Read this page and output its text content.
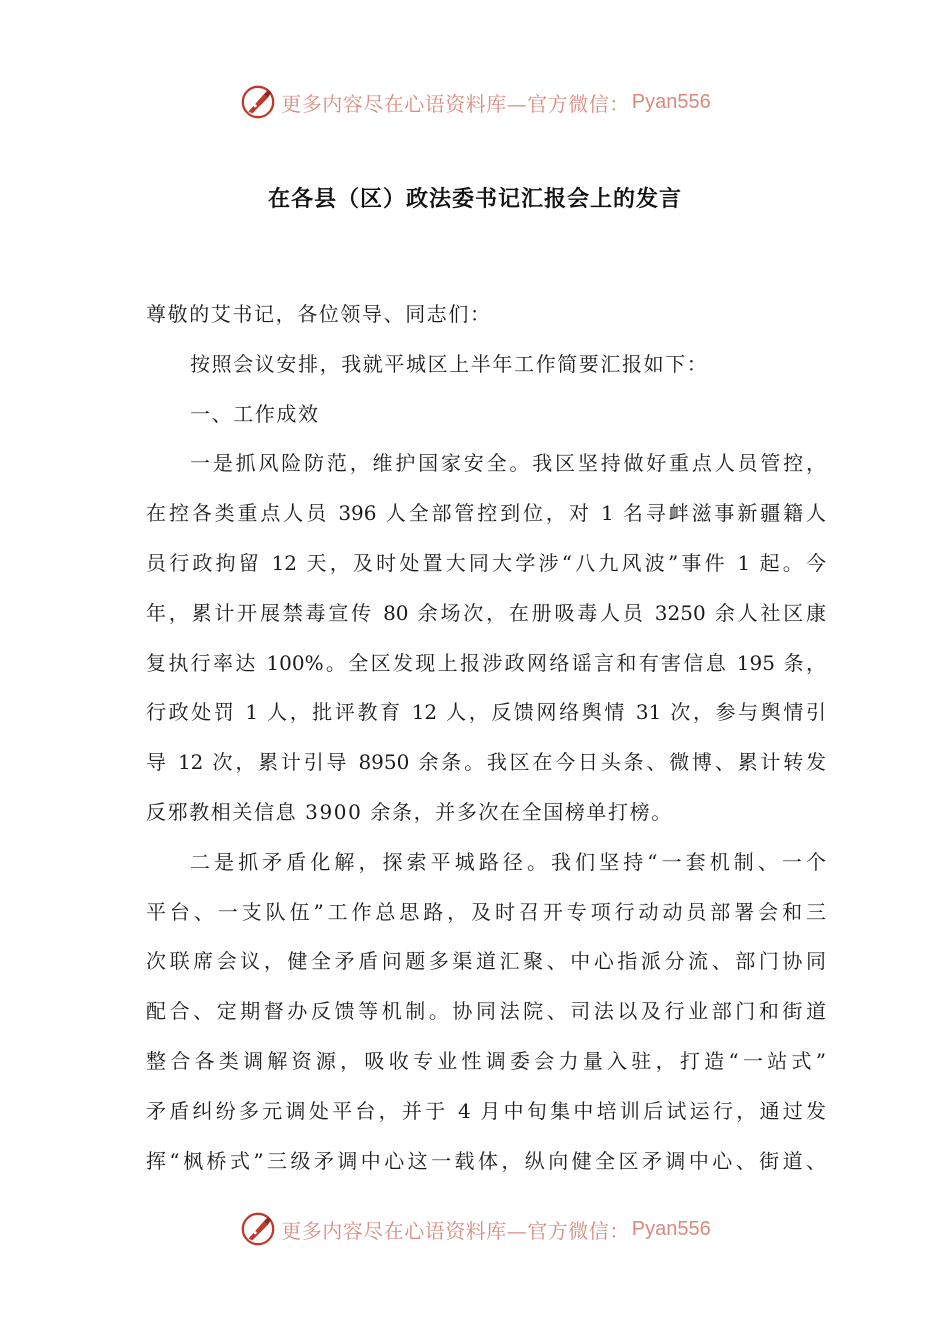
更多内容尽在心语资料库—官方微信： Pyan556
在各县（区）政法委书记汇报会上的发言
尊敬的艾书记，各位领导、同志们：
按照会议安排，我就平城区上半年工作简要汇报如下：
一、工作成效
一是抓风险防范，维护国家安全。我区坚持做好重点人员管控，
在控各类重点人员 396 人全部管控到位，对 1 名寻衅滋事新疆籍人
员行政拘留 12 天，及时处置大同大学涉“八九风波”事件 1 起。今
年，累计开展禁毒宣传 80 余场次，在册吸毒人员 3250 余人社区康
复执行率达 100%。全区发现上报涉政网络谣言和有害信息 195 条，
行政处罚 1 人，批评教育 12 人，反馈网络舆情 31 次，参与舆情引
导 12 次，累计引导 8950 余条。我区在今日头条、微博、累计转发
反邪教相关信息 3900 余条，并多次在全国榜单打榜。
二是抓矛盾化解，探索平城路径。我们坚持“一套机制、一个
平台、一支队伍”工作总思路，及时召开专项行动动员部署会和三
次联席会议，健全矛盾问题多渠道汇聚、中心指派分流、部门协同
配合、定期督办反馈等机制。协同法院、司法以及行业部门和街道
整合各类调解资源，吸收专业性调委会力量入驻，打造“一站式”
矛盾纠纷多元调处平台，并于 4 月中旬集中培训后试运行，通过发
挥“枫桥式”三级矛调中心这一载体，纵向健全区矛调中心、街道、
更多内容尽在心语资料库—官方微信： Pyan556
